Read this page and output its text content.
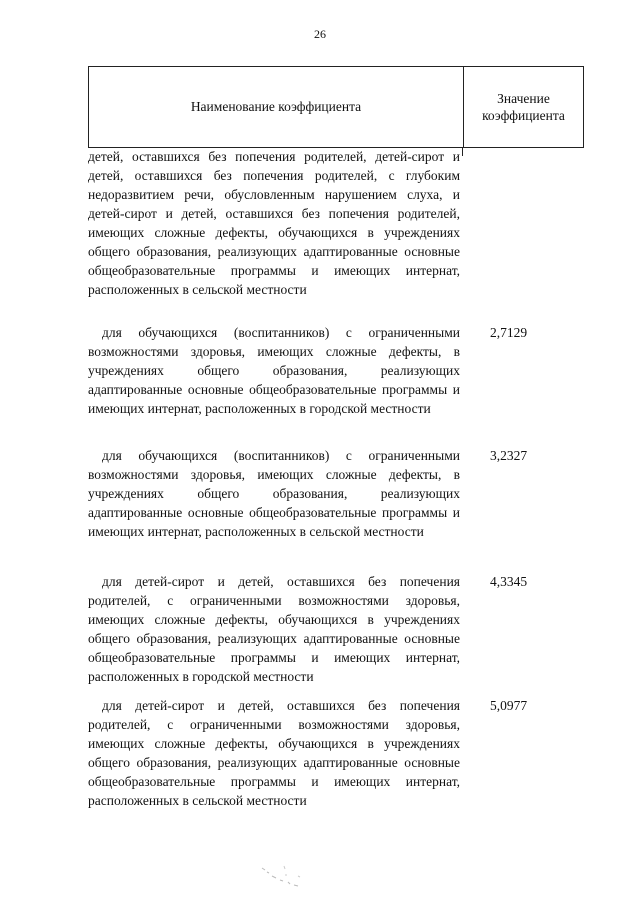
26
Наименование коэффициента
Значение
коэффициента

детей, оставшихся без попечения родителей, детей-сирот и детей, оставшихся без попечения родителей, с глубоким недоразвитием речи, обусловленным нарушением слуха, и детей-сирот и детей, оставшихся без попечения родителей, имеющих сложные дефекты, обучающихся в учреждениях общего образования, реализующих адаптированные основные общеобразовательные программы и имеющих интернат, расположенных в сельской местности

для обучающихся (воспитанников) с ограниченными возможностями здоровья, имеющих сложные дефекты, в учреждениях общего образования, реализующих адаптированные основные общеобразовательные программы и имеющих интернат, расположенных в городской местности

2,7129

для обучающихся (воспитанников) с ограниченными возможностями здоровья, имеющих сложные дефекты, в учреждениях общего образования, реализующих адаптированные основные общеобразовательные программы и имеющих интернат, расположенных в сельской местности

3,2327

для детей-сирот и детей, оставшихся без попечения родителей, с ограниченными возможностями здоровья, имеющих сложные дефекты, обучающихся в учреждениях общего образования, реализующих адаптированные основные общеобразовательные программы и имеющих интернат, расположенных в городской местности

4,3345

для детей-сирот и детей, оставшихся без попечения родителей, с ограниченными возможностями здоровья, имеющих сложные дефекты, обучающихся в учреждениях общего образования, реализующих адаптированные основные общеобразовательные программы и имеющих интернат, расположенных в сельской местности

5,0977
